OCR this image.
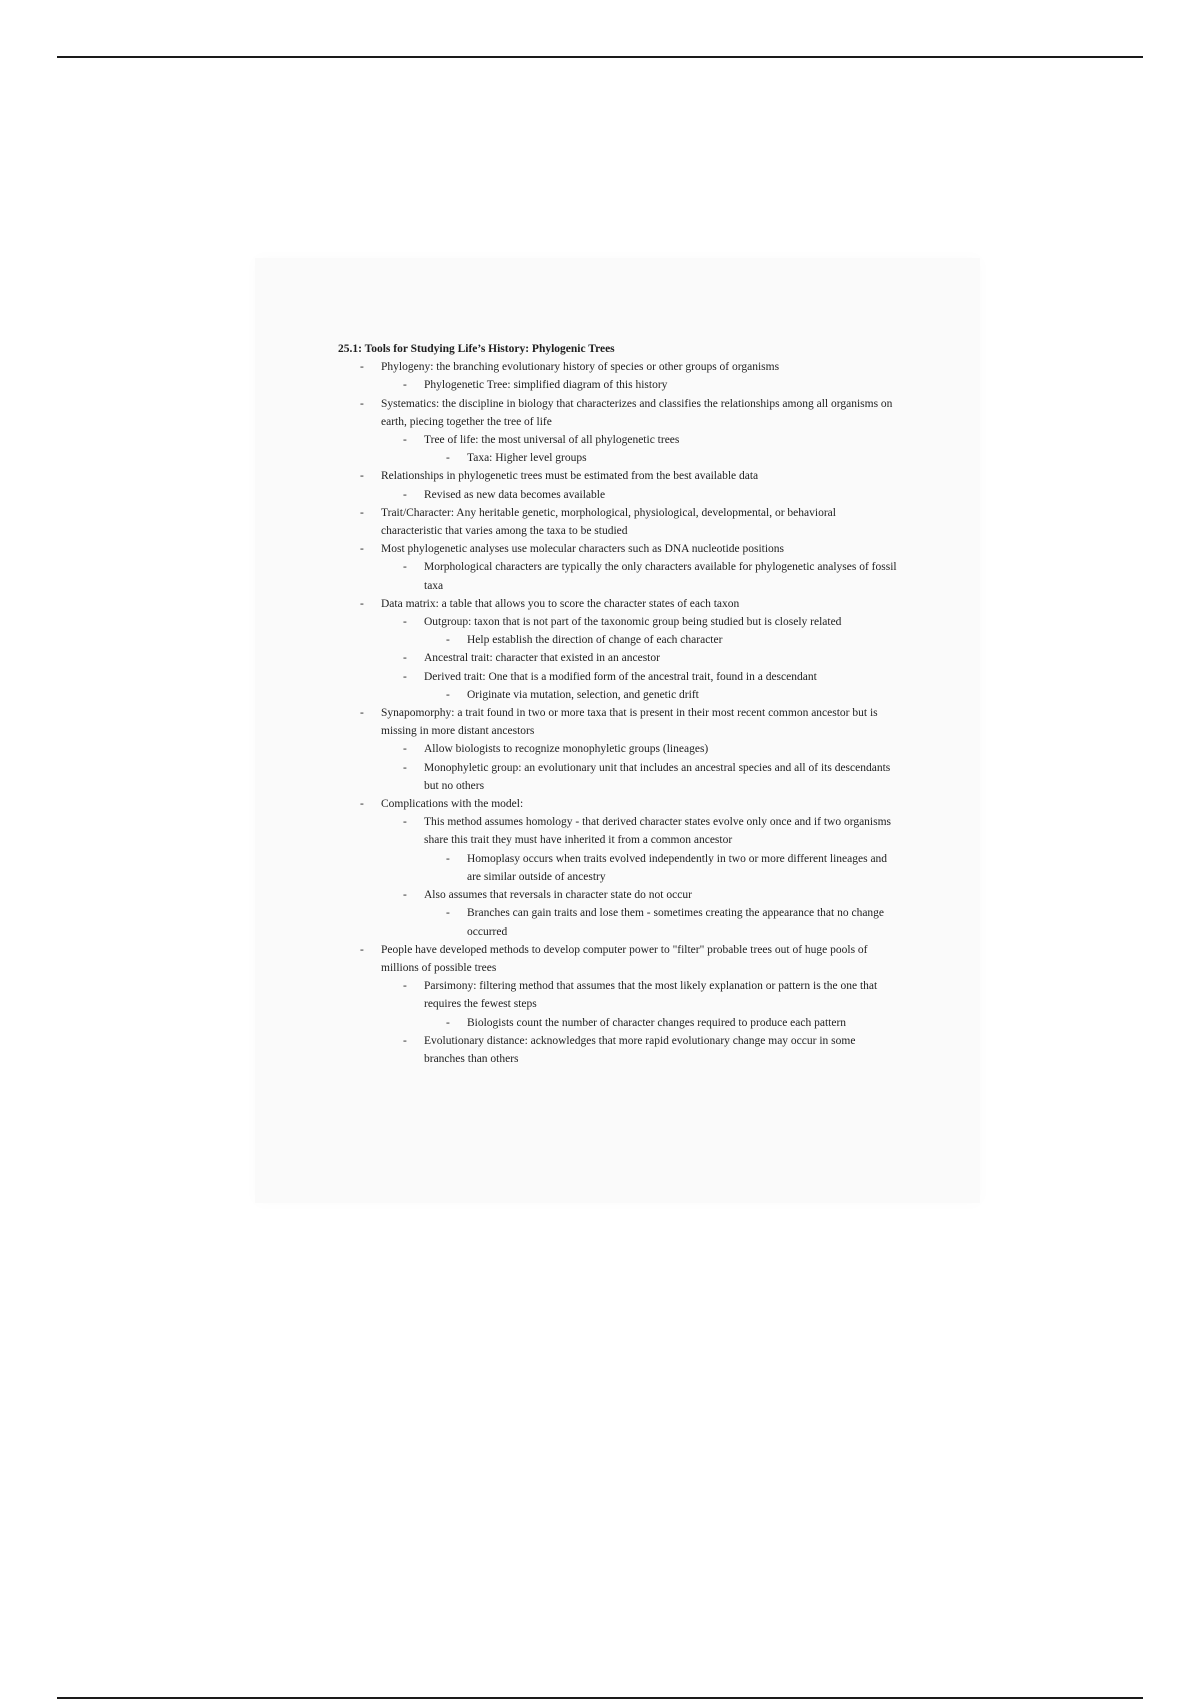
25.1: Tools for Studying Life’s History: Phylogenic Trees
- Phylogeny: the branching evolutionary history of species or other groups of organisms
- Phylogenetic Tree: simplified diagram of this history
- Systematics: the discipline in biology that characterizes and classifies the relationships among all organisms on earth, piecing together the tree of life
- Tree of life: the most universal of all phylogenetic trees
- Taxa: Higher level groups
- Relationships in phylogenetic trees must be estimated from the best available data
- Revised as new data becomes available
- Trait/Character: Any heritable genetic, morphological, physiological, developmental, or behavioral characteristic that varies among the taxa to be studied
- Most phylogenetic analyses use molecular characters such as DNA nucleotide positions
- Morphological characters are typically the only characters available for phylogenetic analyses of fossil taxa
- Data matrix: a table that allows you to score the character states of each taxon
- Outgroup: taxon that is not part of the taxonomic group being studied but is closely related
- Help establish the direction of change of each character
- Ancestral trait: character that existed in an ancestor
- Derived trait: One that is a modified form of the ancestral trait, found in a descendant
- Originate via mutation, selection, and genetic drift
- Synapomorphy: a trait found in two or more taxa that is present in their most recent common ancestor but is missing in more distant ancestors
- Allow biologists to recognize monophyletic groups (lineages)
- Monophyletic group: an evolutionary unit that includes an ancestral species and all of its descendants but no others
- Complications with the model:
- This method assumes homology - that derived character states evolve only once and if two organisms share this trait they must have inherited it from a common ancestor
- Homoplasy occurs when traits evolved independently in two or more different lineages and are similar outside of ancestry
- Also assumes that reversals in character state do not occur
- Branches can gain traits and lose them - sometimes creating the appearance that no change occurred
- People have developed methods to develop computer power to "filter" probable trees out of huge pools of millions of possible trees
- Parsimony: filtering method that assumes that the most likely explanation or pattern is the one that requires the fewest steps
- Biologists count the number of character changes required to produce each pattern
- Evolutionary distance: acknowledges that more rapid evolutionary change may occur in some branches than others
